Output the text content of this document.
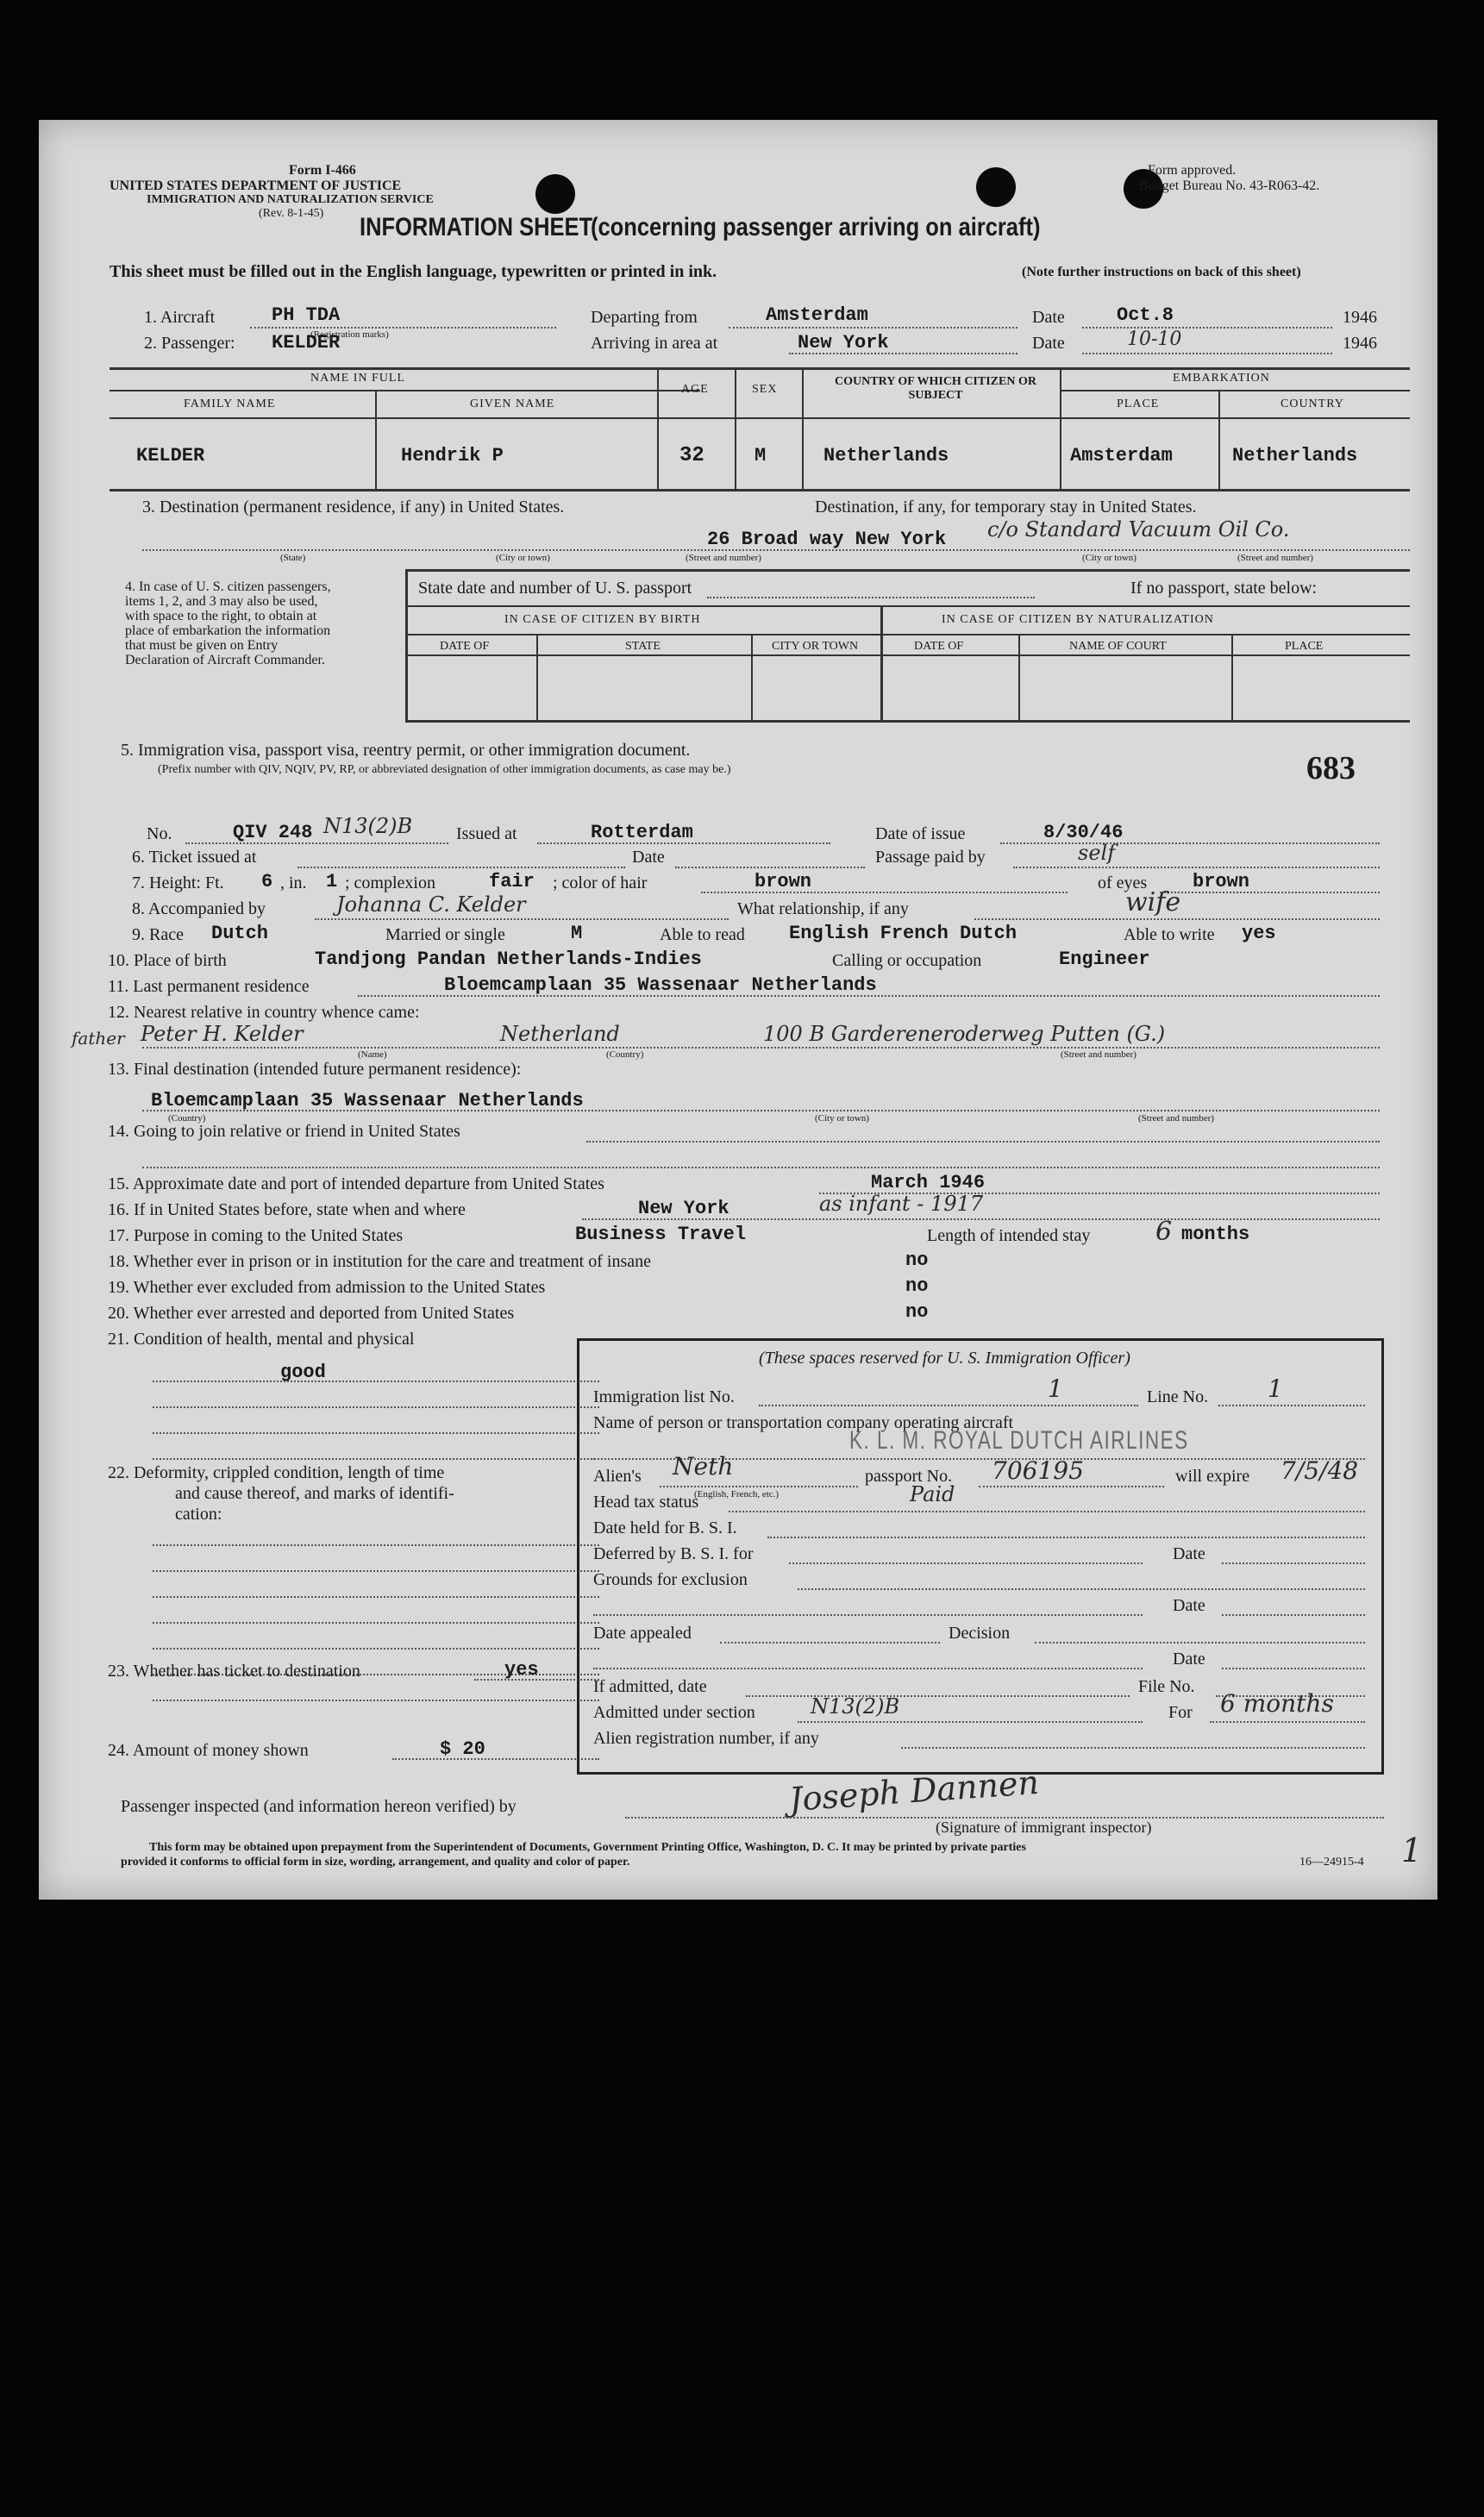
Form I-466
UNITED STATES DEPARTMENT OF JUSTICE
IMMIGRATION AND NATURALIZATION SERVICE
(Rev. 8-1-45)
Form approved.
Budget Bureau No. 43-R063-42.
INFORMATION SHEET
(concerning passenger arriving on aircraft)
This sheet must be filled out in the English language, typewritten or printed in ink.	(Note further instructions on back of this sheet)
1. Aircraft	PH TDA
(Registration marks)
Departing from	Amsterdam	Date	Oct.8	1946
2. Passenger: KELDER	Arriving in area at	New York	Date	10-10	1946
NAME IN FULL
FAMILY NAME	GIVEN NAME
AGE	SEX
COUNTRY OF WHICH CITIZEN OR SUBJECT
EMBARKATION
PLACE	COUNTRY
KELDER	Hendrik P	32	M	Netherlands	Amsterdam	Netherlands
3. Destination (permanent residence, if any) in United States.	Destination, if any, for temporary stay in United States.
26 Broad way New York c/o Standard Vacuum Oil Co.
(State)	(City or town)	(Street and number)	(City or town)	(Street and number)
4. In case of U. S. citizen passengers, items 1, 2, and 3 may also be used, with space to the right, to obtain at place of embarkation the information that must be given on Entry Declaration of Aircraft Commander.
State date and number of U. S. passport	If no passport, state below:
IN CASE OF CITIZEN BY BIRTH	IN CASE OF CITIZEN BY NATURALIZATION
DATE OF	STATE	CITY OR TOWN	DATE OF	NAME OF COURT	PLACE
5. Immigration visa, passport visa, reentry permit, or other immigration document.
(Prefix number with QIV, NQIV, PV, RP, or abbreviated designation of other immigration documents, as case may be.)	683
No.	QIV 248 N13(2)B	Issued at	Rotterdam	Date of issue	8/30/46
6. Ticket issued at	Date	Passage paid by	self
7. Height: Ft. 6 , in. 1 ; complexion	fair ; color of hair	brown	of eyes brown
8. Accompanied by	Johanna C. Kelder	What relationship, if any	wife
9. Race Dutch	Married or single	M	Able to read English French Dutch	Able to write yes
10. Place of birth	Tandjong Pandan Netherlands-Indies	Calling or occupation	Engineer
11. Last permanent residence	Bloemcamplaan 35 Wassenaar Netherlands
12. Nearest relative in country whence came:
father Peter H. Kelder	Netherland	100 B Gardereneroderweg Putten (G.)
(Name)	(Country)	(Street and number)
13. Final destination (intended future permanent residence):
Bloemcamplaan 35 Wassenaar Netherlands
(Country)	(City or town)	(Street and number)
14. Going to join relative or friend in United States
15. Approximate date and port of intended departure from United States	March 1946
16. If in United States before, state when and where	New York	as infant - 1917
17. Purpose in coming to the United States	Business Travel	Length of intended stay	6 months
18. Whether ever in prison or in institution for the care and treatment of insane	no
19. Whether ever excluded from admission to the United States	no
20. Whether ever arrested and deported from United States	no
21. Condition of health, mental and physical
good
22. Deformity, crippled condition, length of time
and cause thereof, and marks of identifi-
cation:
23. Whether has ticket to destination	yes
24. Amount of money shown	$ 20
(These spaces reserved for U. S. Immigration Officer)
Immigration list No.	1	Line No. 1
Name of person or transportation company operating aircraft
K. L. M. ROYAL DUTCH AIRLINES
Alien's Neth
(English, French, etc.)
passport No. 706195	will expire 7/5/48
Head tax status	Paid
Date held for B. S. I.
Deferred by B. S. I. for	Date
Grounds for exclusion
Date
Date appealed	Decision
Date
If admitted, date	File No.
Admitted under section	N13(2)B	For 6 months
Alien registration number, if any
Passenger inspected (and information hereon verified) by	Joseph Dannen
(Signature of immigrant inspector)
This form may be obtained upon prepayment from the Superintendent of Documents, Government Printing Office, Washington, D. C. It may be printed by private parties
provided it conforms to official form in size, wording, arrangement, and quality and color of paper.	16—24915-4 1
